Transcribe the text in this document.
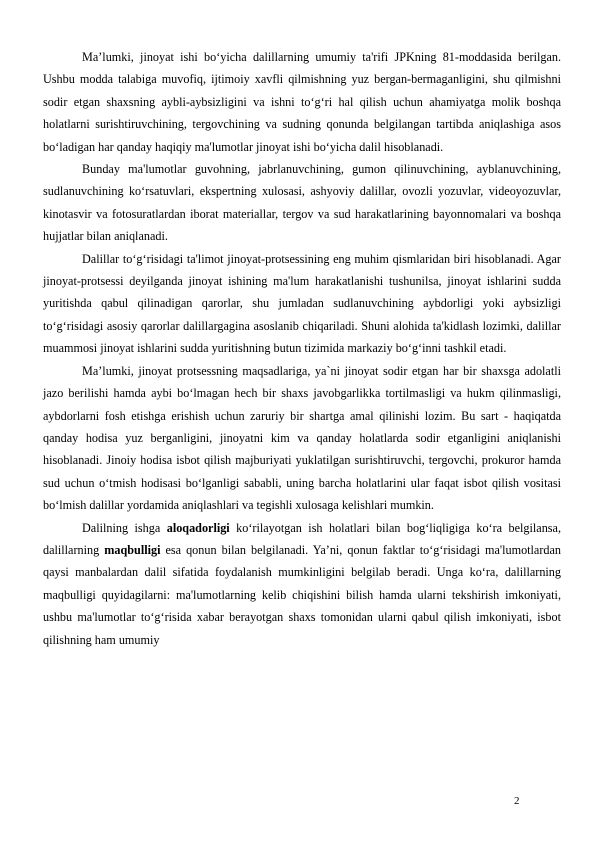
Ma’lumki, jinoyat ishi bo‘yicha dalillarning umumiy ta'rifi JPKning 81-moddasida berilgan. Ushbu modda talabiga muvofiq, ijtimoiy xavfli qilmishning yuz bergan-bermaganligini, shu qilmishni sodir etgan shaxsning aybli-aybsizligini va ishni to‘g‘ri hal qilish uchun ahamiyatga molik boshqa holatlarni surishtiruvchining, tergovchining va sudning qonunda belgilangan tartibda aniqlashiga asos bo‘ladigan har qanday haqiqiy ma'lumotlar jinoyat ishi bo‘yicha dalil hisoblanadi.

Bunday ma'lumotlar guvohning, jabrlanuvchining, gumon qilinuvchining, ayblanuvchining, sudlanuvchining ko‘rsatuvlari, ekspertning xulosasi, ashyoviy dalillar, ovozli yozuvlar, videoyozuvlar, kinotasvir va fotosuratlardan iborat materiallar, tergov va sud harakatlarining bayonnomalari va boshqa hujjatlar bilan aniqlanadi.

Dalillar to‘g‘risidagi ta'limot jinoyat-protsessining eng muhim qismlaridan biri hisoblanadi. Agar jinoyat-protsessi deyilganda jinoyat ishining ma'lum harakatlanishi tushunilsa, jinoyat ishlarini sudda yuritishda qabul qilinadigan qarorlar, shu jumladan sudlanuvchining aybdorligi yoki aybsizligi to‘g‘risidagi asosiy qarorlar dalillargagina asoslanib chiqariladi. Shuni alohida ta'kidlash lozimki, dalillar muammosi jinoyat ishlarini sudda yuritishning butun tizimida markaziy bo‘g‘inni tashkil etadi.

Ma’lumki, jinoyat protsessning maqsadlariga, ya`ni jinoyat sodir etgan har bir shaxsga adolatli jazo berilishi hamda aybi bo‘lmagan hech bir shaxs javobgarlikka tortilmasligi va hukm qilinmasligi, aybdorlarni fosh etishga erishish uchun zaruriy bir shartga amal qilinishi lozim. Bu sart - haqiqatda qanday hodisa yuz berganligini, jinoyatni kim va qanday holatlarda sodir etganligini aniqlanishi hisoblanadi. Jinoiy hodisa isbot qilish majburiyati yuklatilgan surishtiruvchi, tergovchi, prokuror hamda sud uchun o‘tmish hodisasi bo‘lganligi sababli, uning barcha holatlarini ular faqat isbot qilish vositasi bo‘lmish dalillar yordamida aniqlashlari va tegishli xulosaga kelishlari mumkin.

Dalilning ishga aloqadorligi ko‘rilayotgan ish holatlari bilan bog‘liqligiga ko‘ra belgilansa, dalillarning maqbulligi esa qonun bilan belgilanadi. Ya’ni, qonun faktlar to‘g‘risidagi ma'lumotlardan qaysi manbalardan dalil sifatida foydalanish mumkinligini belgilab beradi. Unga ko‘ra, dalillarning maqbulligi quyidagilarni: ma'lumotlarning kelib chiqishini bilish hamda ularni tekshirish imkoniyati, ushbu ma'lumotlar to‘g‘risida xabar berayotgan shaxs tomonidan ularni qabul qilish imkoniyati, isbot qilishning ham umumiy

2
